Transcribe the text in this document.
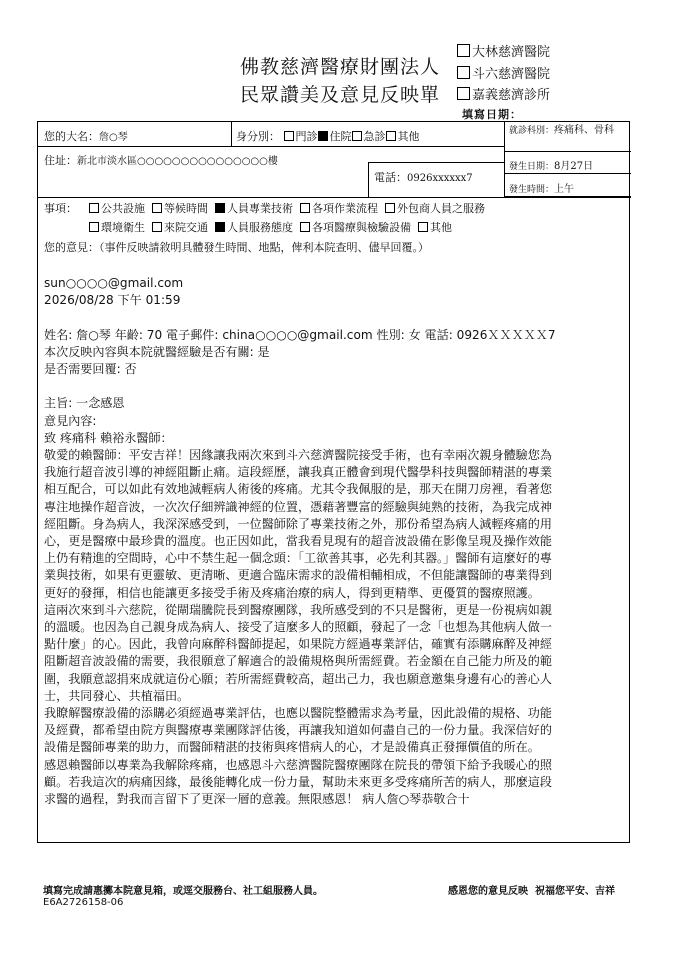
佛教慈濟醫療財團法人
民眾讚美及意見反映單
大林慈濟醫院
斗六慈濟醫院
嘉義慈濟診所
填寫日期：
您的大名：詹○琴	身分別： 門診 住院 急診 其他	就診科別：疼痛科、骨科
發生日期：8月27日
發生時間：上午
住址：新北市淡水區○○○○○○○○○○○○○○○樓
電話：0926xxxxxx7
事項：	公共設施 等候時間 人員專業技術 各項作業流程 外包商人員之服務
環境衛生 來院交通 人員服務態度 各項醫療與檢驗設備 其他
您的意見：（事件反映請敘明具體發生時間、地點，俾利本院查明、儘早回覆。）
sun○○○○@gmail.com
2026/08/28 下午 01:59
姓名: 詹○琴 年齡: 70 電子郵件: china○○○○@gmail.com 性別: 女 電話: 0926ＸＸＸＸＸ7
本次反映內容與本院就醫經驗是否有關: 是
是否需要回覆: 否
主旨: 一念感恩
意見內容:
致 疼痛科 賴裕永醫師：
敬愛的賴醫師：平安吉祥！因緣讓我兩次來到斗六慈濟醫院接受手術，也有幸兩次親身體驗您為
我施行超音波引導的神經阻斷止痛。這段經歷，讓我真正體會到現代醫學科技與醫師精湛的專業
相互配合，可以如此有效地減輕病人術後的疼痛。尤其令我佩服的是，那天在開刀房裡，看著您
專注地操作超音波，一次次仔細辨識神經的位置，憑藉著豐富的經驗與純熟的技術，為我完成神
經阻斷。身為病人，我深深感受到，一位醫師除了專業技術之外，那份希望為病人減輕疼痛的用
心，更是醫療中最珍貴的溫度。也正因如此，當我看見現有的超音波設備在影像呈現及操作效能
上仍有精進的空間時，心中不禁生起一個念頭：「工欲善其事，必先利其器。」醫師有這麼好的專
業與技術，如果有更靈敏、更清晰、更適合臨床需求的設備相輔相成，不但能讓醫師的專業得到
更好的發揮，相信也能讓更多接受手術及疼痛治療的病人，得到更精準、更優質的醫療照護。
這兩次來到斗六慈院，從閘瑞騰院長到醫療團隊，我所感受到的不只是醫術，更是一份視病如親
的溫暖。也因為自己親身成為病人、接受了這麼多人的照顧，發起了一念「也想為其他病人做一
點什麼」的心。因此，我曾向麻醉科醫師提起，如果院方經過專業評估，確實有添購麻醉及神經
阻斷超音波設備的需要，我很願意了解適合的設備規格與所需經費。若金額在自己能力所及的範
圍，我願意認捐來成就這份心願；若所需經費較高，超出己力，我也願意邀集身邊有心的善心人
士，共同發心、共植福田。
我瞭解醫療設備的添購必須經過專業評估，也應以醫院整體需求為考量，因此設備的規格、功能
及經費，都希望由院方與醫療專業團隊評估後，再讓我知道如何盡自己的一份力量。我深信好的
設備是醫師專業的助力，而醫師精湛的技術與疼惜病人的心，才是設備真正發揮價值的所在。
感恩賴醫師以專業為我解除疼痛，也感恩斗六慈濟醫院醫療團隊在院長的帶領下給予我暖心的照
顧。若我這次的病痛因緣，最後能轉化成一份力量，幫助未來更多受疼痛所苦的病人，那麼這段
求醫的過程，對我而言留下了更深一層的意義。無限感恩！ 病人詹○琴恭敬合十
填寫完成請惠擲本院意見箱，或逕交服務台、社工組服務人員。
E6A2726158-06
感恩您的意見反映  祝福您平安、吉祥
